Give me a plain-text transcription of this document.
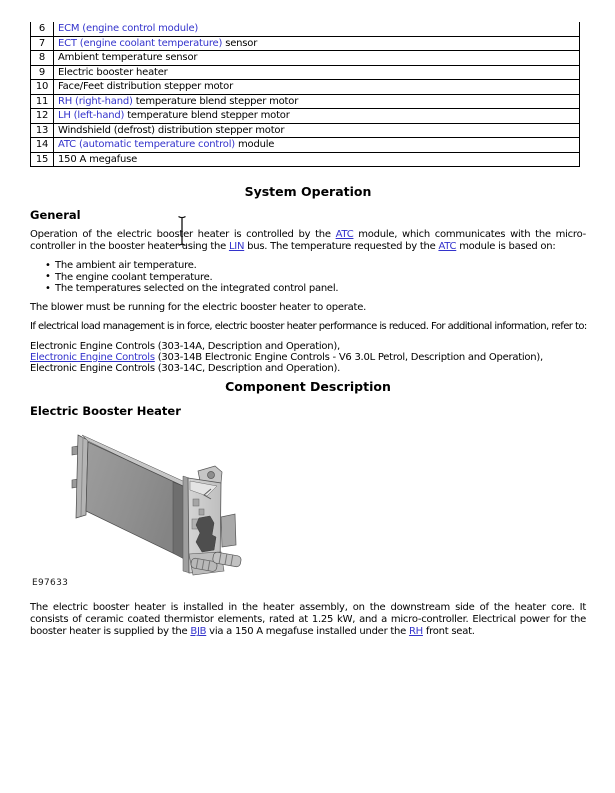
6	ECM (engine control module)
7	ECT (engine coolant temperature) sensor
8	Ambient temperature sensor
9	Electric booster heater
10	Face/Feet distribution stepper motor
11	RH (right-hand) temperature blend stepper motor
12	LH (left-hand) temperature blend stepper motor
13	Windshield (defrost) distribution stepper motor
14	ATC (automatic temperature control) module
15	150 A megafuse
System Operation
General

Operation of the electric booster heater is controlled by the ATC module, which communicates with the micro-controller in the booster heater using the LIN bus. The temperature requested by the ATC module is based on:

• The ambient air temperature.
• The engine coolant temperature.
• The temperatures selected on the integrated control panel.

The blower must be running for the electric booster heater to operate.

If electrical load management is in force, electric booster heater performance is reduced. For additional information, refer to:

Electronic Engine Controls (303-14A, Description and Operation),
Electronic Engine Controls (303-14B Electronic Engine Controls - V6 3.0L Petrol, Description and Operation),
Electronic Engine Controls (303-14C, Description and Operation).
Component Description
Electric Booster Heater
E97633

The electric booster heater is installed in the heater assembly, on the downstream side of the heater core. It consists of ceramic coated thermistor elements, rated at 1.25 kW, and a micro-controller. Electrical power for the booster heater is supplied by the BJB via a 150 A megafuse installed under the RH front seat.
